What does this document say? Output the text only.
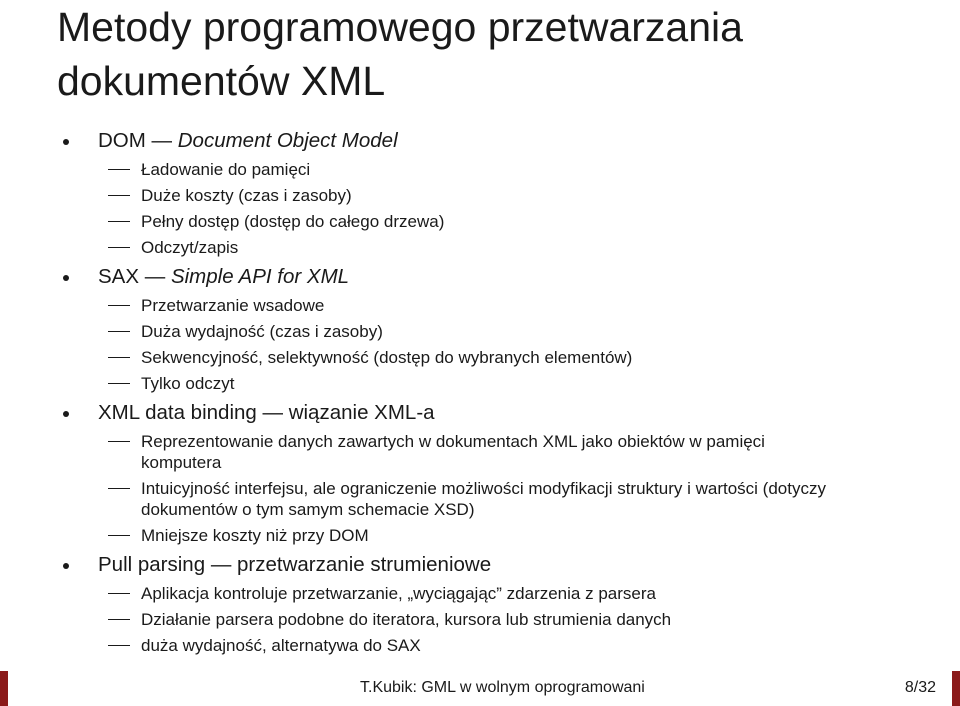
Metody programowego przetwarzania
dokumentów XML
DOM — Document Object Model
Ładowanie do pamięci
Duże koszty (czas i zasoby)
Pełny dostęp (dostęp do całego drzewa)
Odczyt/zapis
SAX — Simple API for XML
Przetwarzanie wsadowe
Duża wydajność (czas i zasoby)
Sekwencyjność, selektywność (dostęp do wybranych elementów)
Tylko odczyt
XML data binding — wiązanie XML-a
Reprezentowanie danych zawartych w dokumentach XML jako obiektów w pamięci komputera
Intuicyjność interfejsu, ale ograniczenie możliwości modyfikacji struktury i wartości (dotyczy dokumentów o tym samym schemacie XSD)
Mniejsze koszty niż przy DOM
Pull parsing — przetwarzanie strumieniowe
Aplikacja kontroluje przetwarzanie, „wyciągając” zdarzenia z parsera
Działanie parsera podobne do iteratora, kursora lub strumienia danych
duża wydajność, alternatywa do SAX
T.Kubik: GML w wolnym oprogramowani	8/32
